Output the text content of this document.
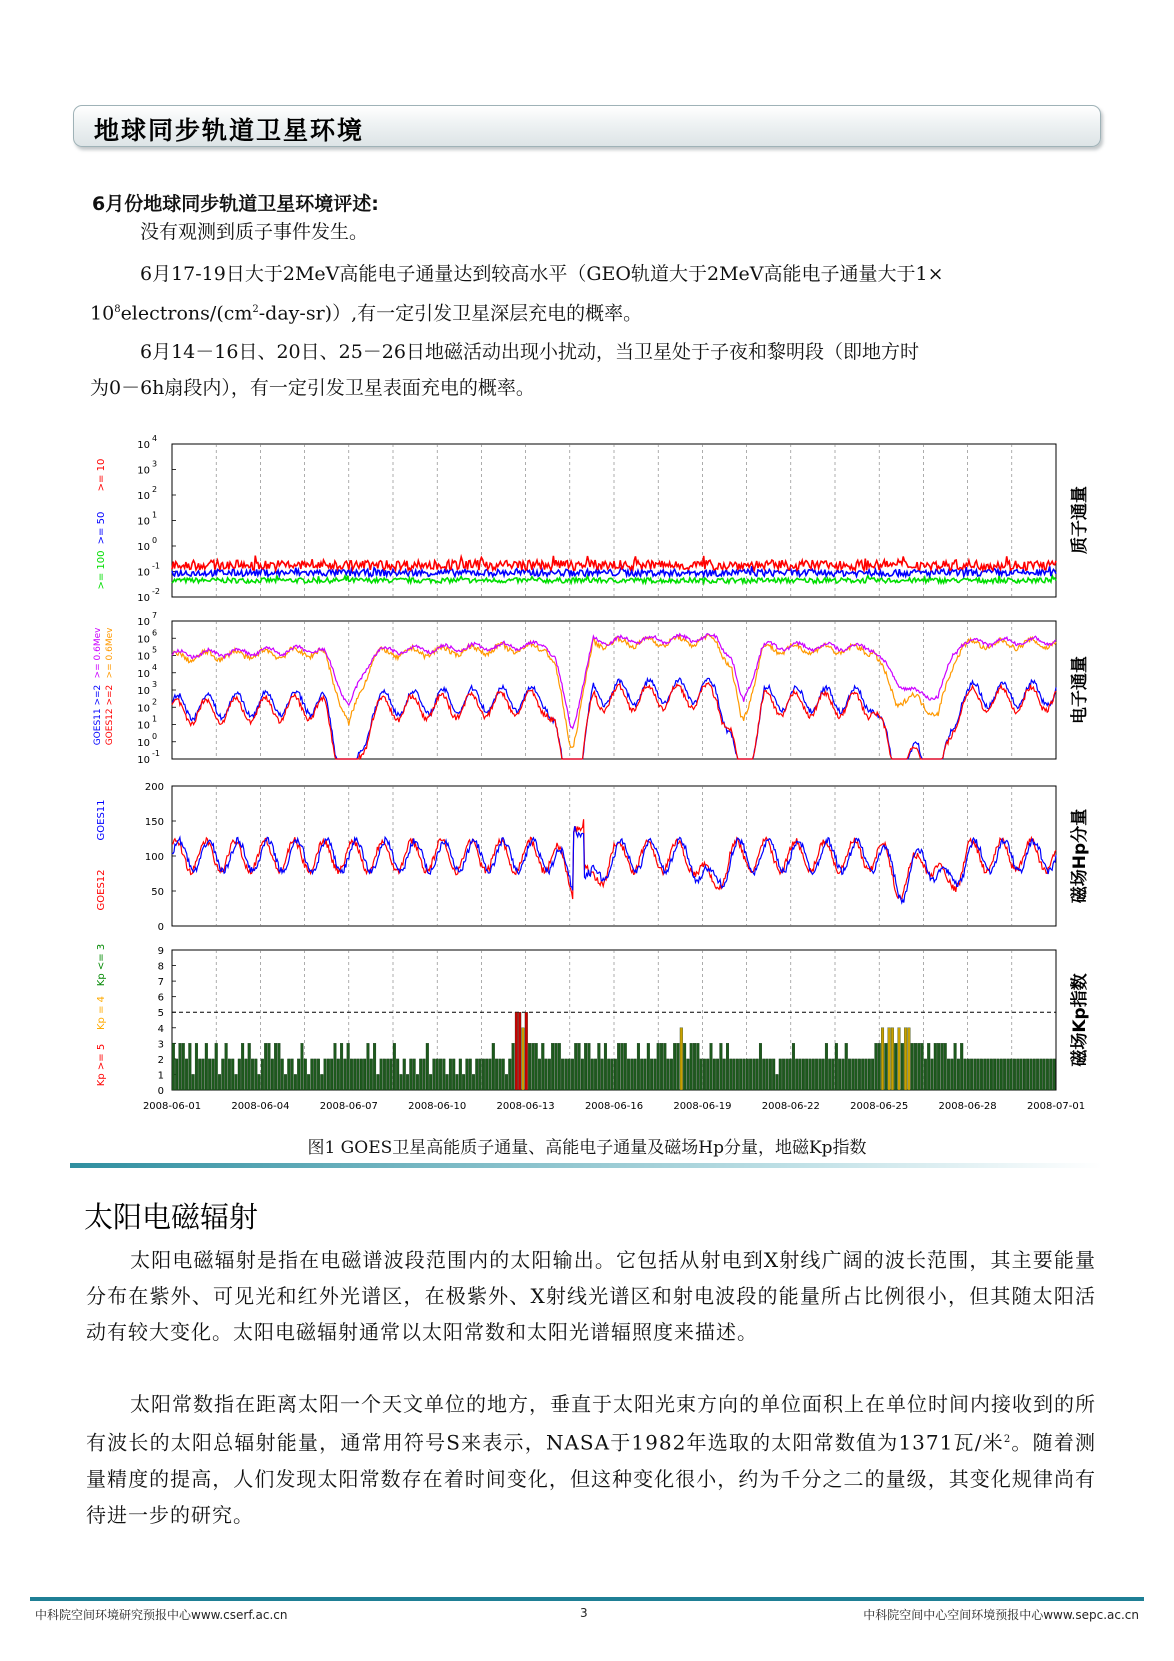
地球同步轨道卫星环境
6月份地球同步轨道卫星环境评述:
没有观测到质子事件发生。
6月17-19日大于2MeV高能电子通量达到较高水平（GEO轨道大于2MeV高能电子通量大于1×
$10^8electrons/(cm^2-day-sr)$）,有一定引发卫星深层充电的概率。
6月14－16日、20日、25－26日地磁活动出现小扰动，当卫星处于子夜和黎明段（即地方时
为0－6h扇段内），有一定引发卫星表面充电的概率。
10
-2
10
-1
10
0
10
1
10
2
10
3
10
4
10
-1
10
0
10
1
10
2
10
3
10
4
10
5
10
6
10
7
0
50
100
150
200
0
1
2
3
4
5
6
7
8
9
2008-06-01	2008-06-04	2008-06-07	2008-06-10	2008-06-13	2008-06-16	2008-06-19	2008-06-22	2008-06-25	2008-06-28	2008-07-01
质子通量
电子通量
磁场Hp分量
磁场Kp指数
>= 10
>= 50
>= 100
GOES11 >=2 GOES12 >=2
>= 0.6Mev >= 0.6Mev
GOES11
GOES12
Kp <= 3
Kp = 4
Kp >= 5
图1 GOES卫星高能质子通量、高能电子通量及磁场Hp分量，地磁Kp指数
太阳电磁辐射
太阳电磁辐射是指在电磁谱波段范围内的太阳输出。它包括从射电到X射线广阔的波长范围，其主要能量分布在紫外、可见光和红外光谱区，在极紫外、X射线光谱区和射电波段的能量所占比例很小，但其随太阳活动有较大变化。太阳电磁辐射通常以太阳常数和太阳光谱辐照度来描述。
太阳常数指在距离太阳一个天文单位的地方，垂直于太阳光束方向的单位面积上在单位时间内接收到的所有波长的太阳总辐射能量，通常用符号S来表示，NASA于1982年选取的太阳常数值为1371瓦/米$^2$。随着测量精度的提高，人们发现太阳常数存在着时间变化，但这种变化很小，约为千分之二的量级，其变化规律尚有待进一步的研究。
中科院空间环境研究预报中心www.cserf.ac.cn	3	中科院空间中心空间环境预报中心www.sepc.ac.cn
